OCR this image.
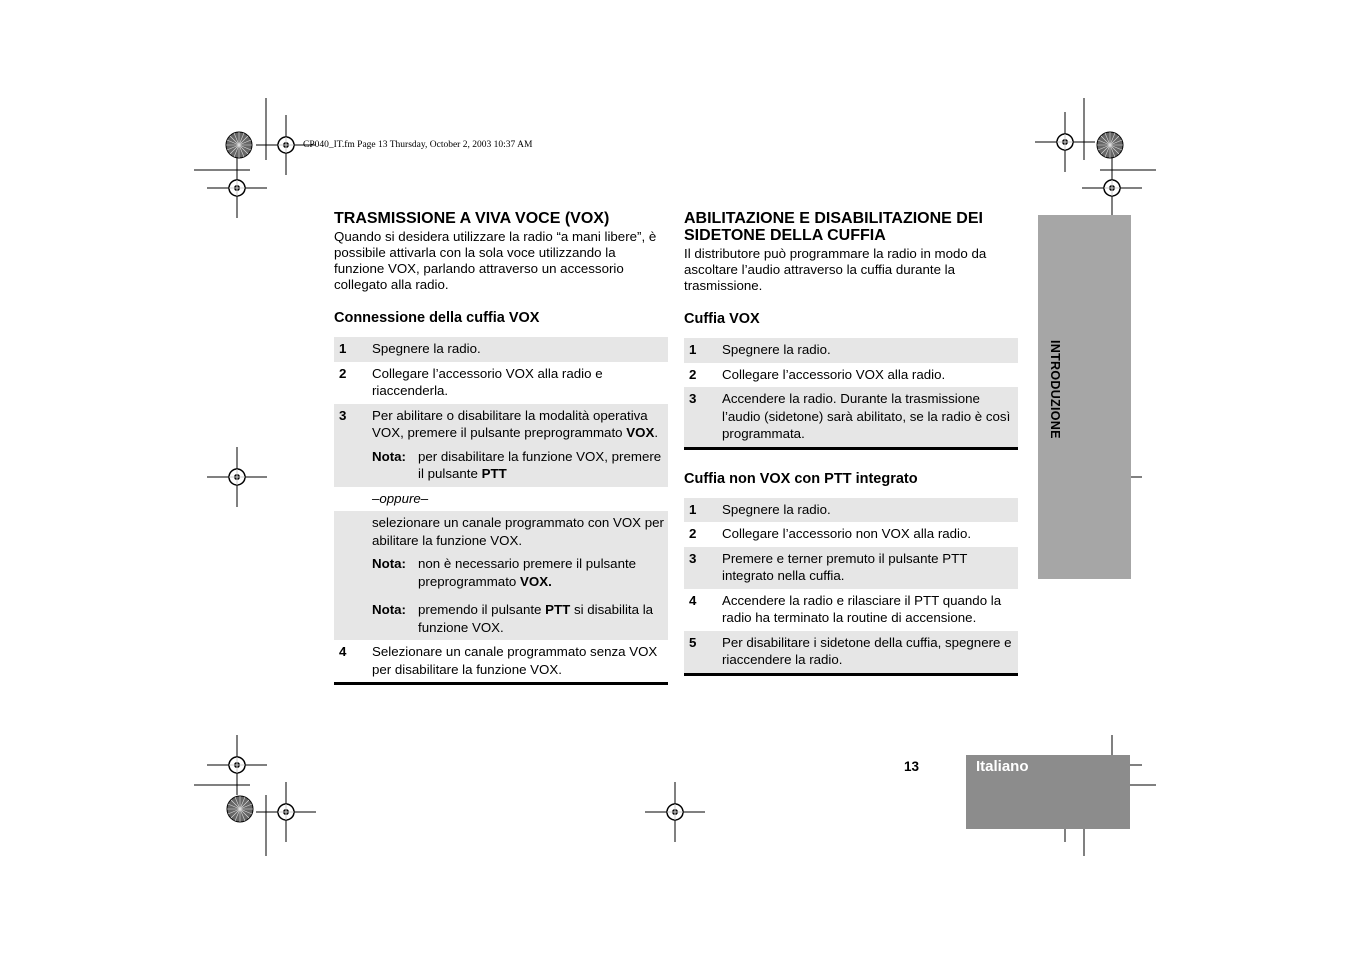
CP040_IT.fm Page 13 Thursday, October 2, 2003 10:37 AM
TRASMISSIONE A VIVA VOCE (VOX)

Quando si desidera utilizzare la radio “a mani libere”, è possibile attivarla con la sola voce utilizzando la funzione VOX, parlando attraverso un accessorio collegato alla radio.

Connessione della cuffia VOX
1	Spegnere la radio.

2	Collegare l’accessorio VOX alla radio e riaccenderla.

3	Per abilitare o disabilitare la modalità operativa VOX, premere il pulsante preprogrammato VOX.
Nota: per disabilitare la funzione VOX, premere il pulsante PTT

	–oppure–

	selezionare un canale programmato con VOX per abilitare la funzione VOX.
Nota: non è necessario premere il pulsante preprogrammato VOX.
Nota: premendo il pulsante PTT si disabilita la funzione VOX.

4	Selezionare un canale programmato senza VOX per disabilitare la funzione VOX.
ABILITAZIONE E DISABILITAZIONE DEI SIDETONE DELLA CUFFIA

Il distributore può programmare la radio in modo da ascoltare l’audio attraverso la cuffia durante la trasmissione.

Cuffia VOX
1	Spegnere la radio.

2	Collegare l’accessorio VOX alla radio.

3	Accendere la radio. Durante la trasmissione l’audio (sidetone) sarà abilitato, se la radio è così programmata.
Cuffia non VOX con PTT integrato
1	Spegnere la radio.

2	Collegare l’accessorio non VOX alla radio.

3	Premere e terner premuto il pulsante PTT integrato nella cuffia.

4	Accendere la radio e rilasciare il PTT quando la radio ha terminato la routine di accensione.

5	Per disabilitare i sidetone della cuffia, spegnere e riaccendere la radio.
INTRODUZIONE
13	Italiano
